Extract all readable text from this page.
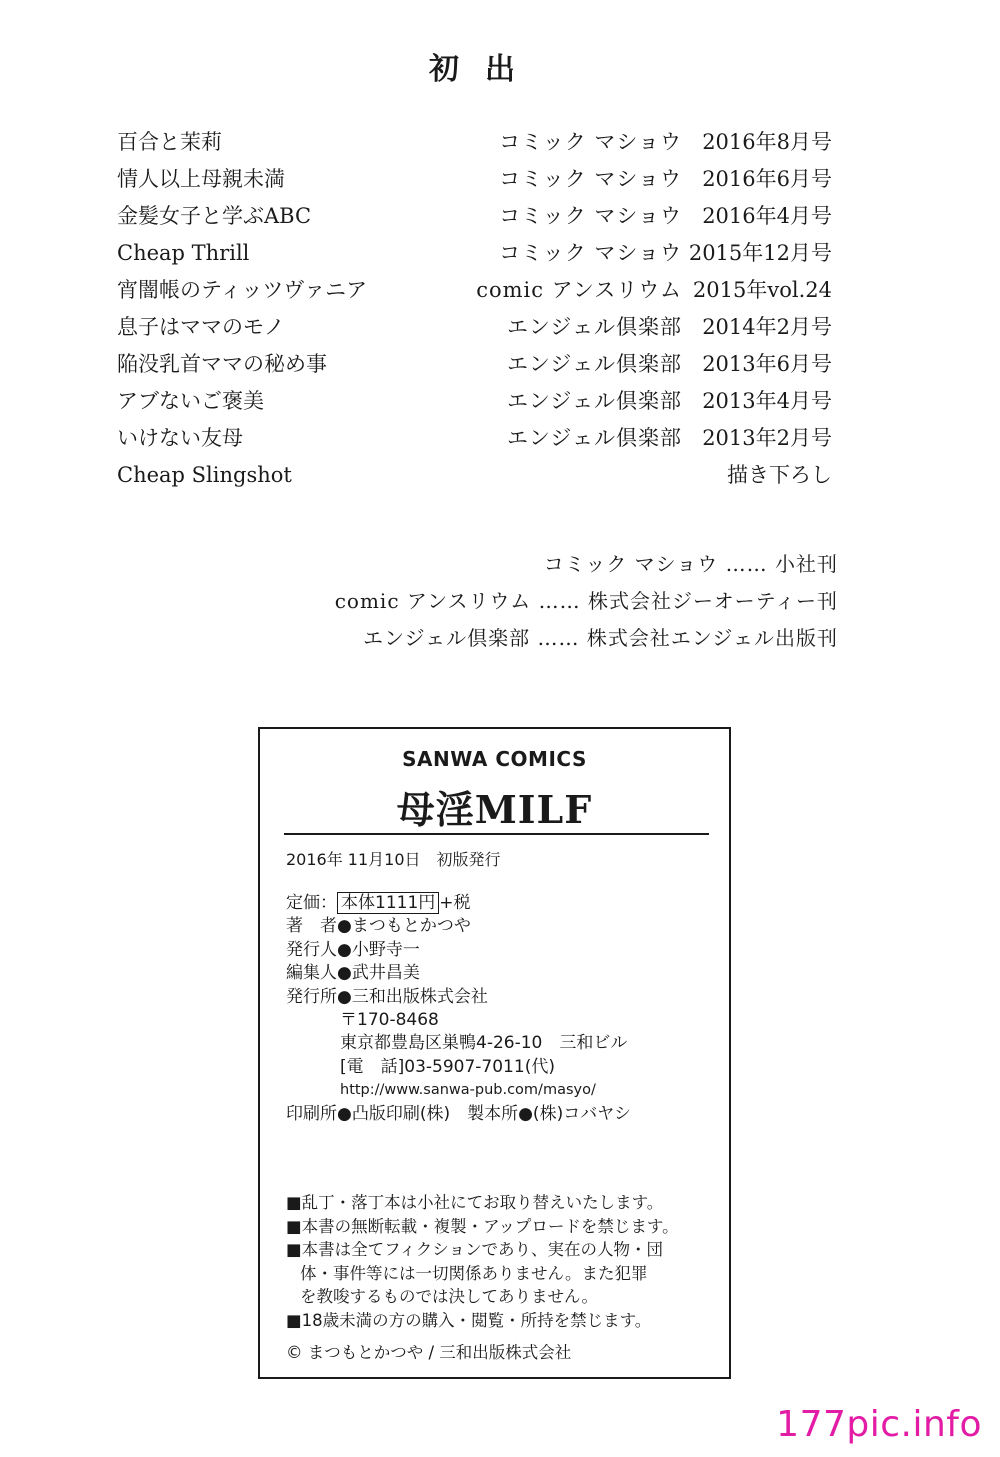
初出
百合と茉莉	コミック マショウ 2016年8月号
情人以上母親未満	コミック マショウ 2016年6月号
金髪女子と学ぶABC	コミック マショウ 2016年4月号
Cheap Thrill	コミック マショウ 2015年12月号
宵闇帳のティッツヴァニア	comic アンスリウム 2015年vol.24
息子はママのモノ	エンジェル倶楽部 2014年2月号
陥没乳首ママの秘め事	エンジェル倶楽部 2013年6月号
アブないご褒美	エンジェル倶楽部 2013年4月号
いけない友母	エンジェル倶楽部 2013年2月号
Cheap Slingshot	描き下ろし
コミック マショウ …… 小社刊
comic アンスリウム …… 株式会社ジーオーティー刊
エンジェル倶楽部 …… 株式会社エンジェル出版刊
SANWA COMICS
母淫MILF
2016年 11月10日　初版発行
定価： 本体1111円 +税
著　者●まつもとかつや
発行人●小野寺一
編集人●武井昌美
発行所●三和出版株式会社
〒170-8468
東京都豊島区巣鴨4-26-10　三和ビル
[電　話]03-5907-7011(代)
http://www.sanwa-pub.com/masyo/
印刷所●凸版印刷(株)　製本所●(株)コバヤシ
■乱丁・落丁本は小社にてお取り替えいたします。
■本書の無断転載・複製・アップロードを禁じます。
■本書は全てフィクションであり、実在の人物・団
体・事件等には一切関係ありません。また犯罪
を教唆するものでは決してありません。
■18歳未満の方の購入・閲覧・所持を禁じます。
© まつもとかつや / 三和出版株式会社
177pic.info
